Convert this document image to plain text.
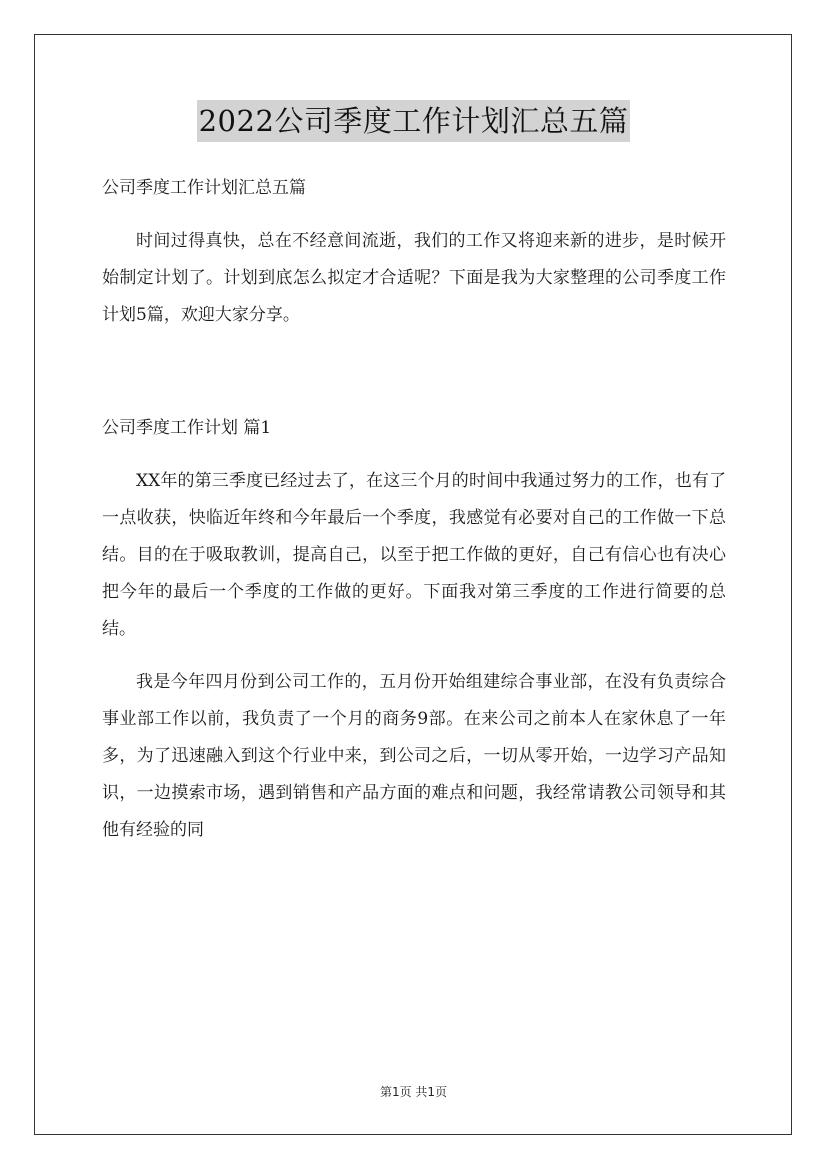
2022公司季度工作计划汇总五篇

公司季度工作计划汇总五篇

时间过得真快，总在不经意间流逝，我们的工作又将迎来新的进步，是时候开始制定计划了。计划到底怎么拟定才合适呢？下面是我为大家整理的公司季度工作计划5篇，欢迎大家分享。

公司季度工作计划 篇1

XX年的第三季度已经过去了，在这三个月的时间中我通过努力的工作，也有了一点收获，快临近年终和今年最后一个季度，我感觉有必要对自己的工作做一下总结。目的在于吸取教训，提高自己，以至于把工作做的更好，自己有信心也有决心把今年的最后一个季度的工作做的更好。下面我对第三季度的工作进行简要的总结。

我是今年四月份到公司工作的，五月份开始组建综合事业部，在没有负责综合事业部工作以前，我负责了一个月的商务9部。在来公司之前本人在家休息了一年多，为了迅速融入到这个行业中来，到公司之后，一切从零开始，一边学习产品知识，一边摸索市场，遇到销售和产品方面的难点和问题，我经常请教公司领导和其他有经验的同

第1页 共1页
